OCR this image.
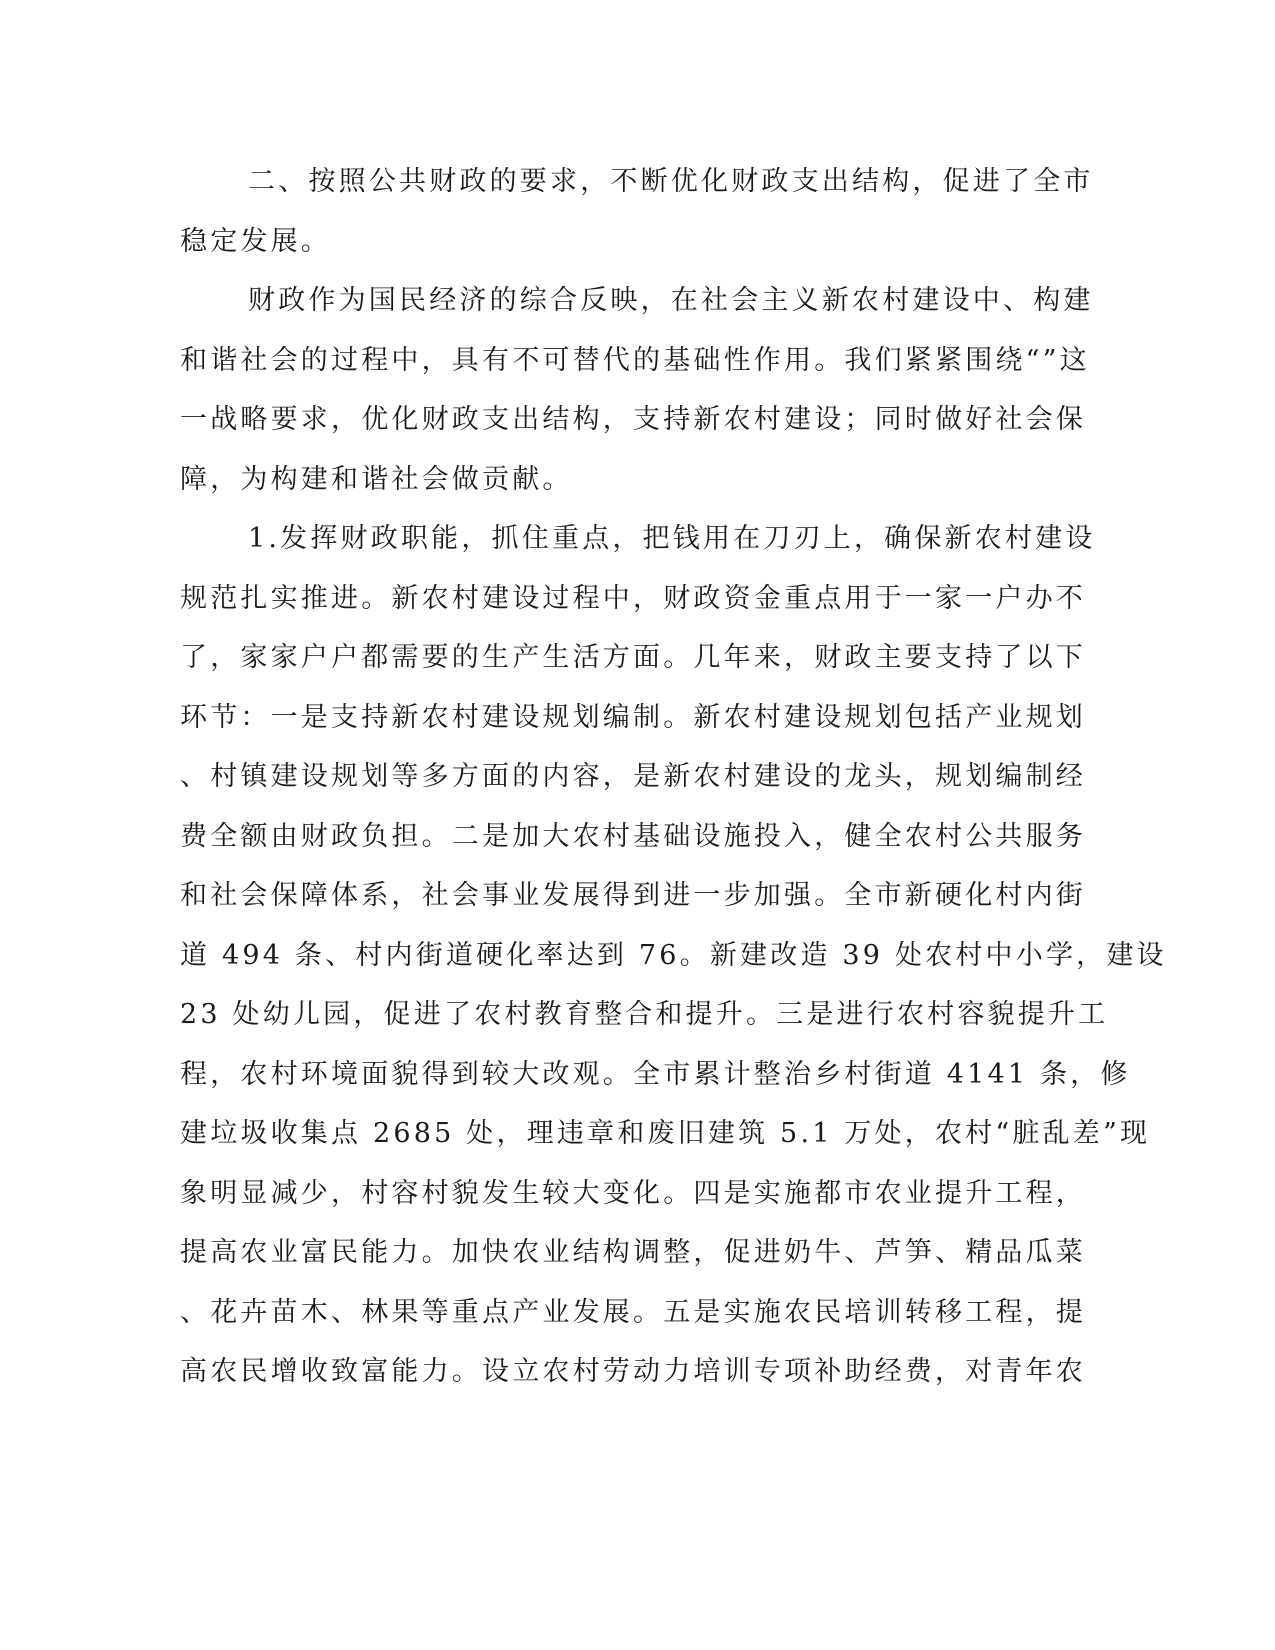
二、按照公共财政的要求，不断优化财政支出结构，促进了全市
稳定发展。
财政作为国民经济的综合反映，在社会主义新农村建设中、构建
和谐社会的过程中，具有不可替代的基础性作用。我们紧紧围绕“”这
一战略要求，优化财政支出结构，支持新农村建设；同时做好社会保
障，为构建和谐社会做贡献。
1.发挥财政职能，抓住重点，把钱用在刀刃上，确保新农村建设
规范扎实推进。新农村建设过程中，财政资金重点用于一家一户办不
了，家家户户都需要的生产生活方面。几年来，财政主要支持了以下
环节：一是支持新农村建设规划编制。新农村建设规划包括产业规划
、村镇建设规划等多方面的内容，是新农村建设的龙头，规划编制经
费全额由财政负担。二是加大农村基础设施投入，健全农村公共服务
和社会保障体系，社会事业发展得到进一步加强。全市新硬化村内街
道 494 条、村内街道硬化率达到 76。新建改造 39 处农村中小学，建设
23 处幼儿园，促进了农村教育整合和提升。三是进行农村容貌提升工
程，农村环境面貌得到较大改观。全市累计整治乡村街道 4141 条，修
建垃圾收集点 2685 处，理违章和废旧建筑 5.1 万处，农村“脏乱差”现
象明显减少，村容村貌发生较大变化。四是实施都市农业提升工程，
提高农业富民能力。加快农业结构调整，促进奶牛、芦笋、精品瓜菜
、花卉苗木、林果等重点产业发展。五是实施农民培训转移工程，提
高农民增收致富能力。设立农村劳动力培训专项补助经费，对青年农
